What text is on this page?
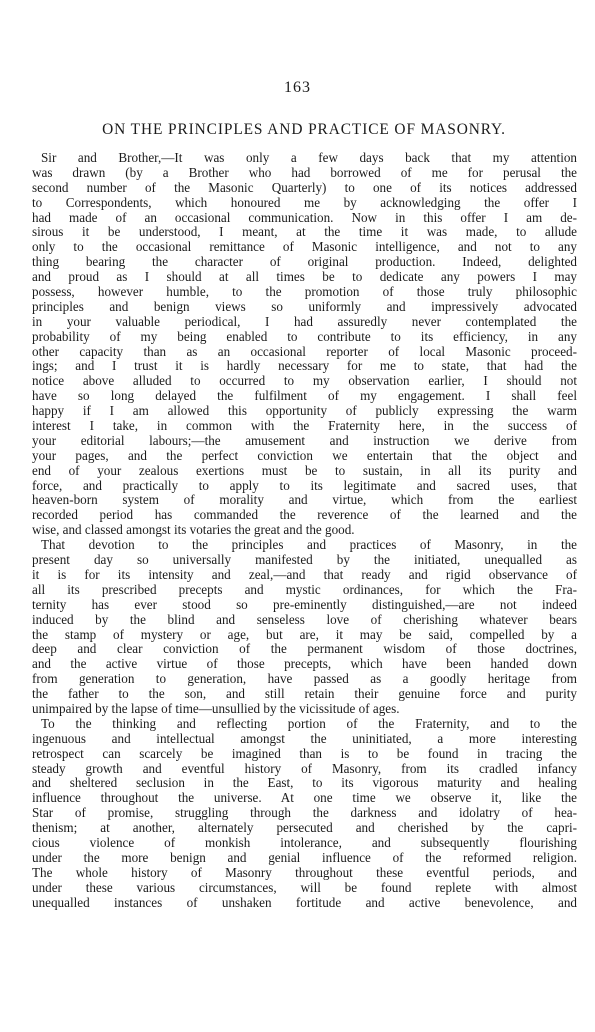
163
ON THE PRINCIPLES AND PRACTICE OF MASONRY.
Sir and Brother,—It was only a few days back that my attention
was drawn (by a Brother who had borrowed of me for perusal the
second number of the Masonic Quarterly) to one of its notices addressed
to Correspondents, which honoured me by acknowledging the offer I
had made of an occasional communication. Now in this offer I am de-
sirous it be understood, I meant, at the time it was made, to allude
only to the occasional remittance of Masonic intelligence, and not to any
thing bearing the character of original production. Indeed, delighted
and proud as I should at all times be to dedicate any powers I may
possess, however humble, to the promotion of those truly philosophic
principles and benign views so uniformly and impressively advocated
in your valuable periodical, I had assuredly never contemplated the
probability of my being enabled to contribute to its efficiency, in any
other capacity than as an occasional reporter of local Masonic proceed-
ings; and I trust it is hardly necessary for me to state, that had the
notice above alluded to occurred to my observation earlier, I should not
have so long delayed the fulfilment of my engagement. I shall feel
happy if I am allowed this opportunity of publicly expressing the warm
interest I take, in common with the Fraternity here, in the success of
your editorial labours;—the amusement and instruction we derive from
your pages, and the perfect conviction we entertain that the object and
end of your zealous exertions must be to sustain, in all its purity and
force, and practically to apply to its legitimate and sacred uses, that
heaven-born system of morality and virtue, which from the earliest
recorded period has commanded the reverence of the learned and the
wise, and classed amongst its votaries the great and the good.
That devotion to the principles and practices of Masonry, in the
present day so universally manifested by the initiated, unequalled as
it is for its intensity and zeal,—and that ready and rigid observance of
all its prescribed precepts and mystic ordinances, for which the Fra-
ternity has ever stood so pre-eminently distinguished,—are not indeed
induced by the blind and senseless love of cherishing whatever bears
the stamp of mystery or age, but are, it may be said, compelled by a
deep and clear conviction of the permanent wisdom of those doctrines,
and the active virtue of those precepts, which have been handed down
from generation to generation, have passed as a goodly heritage from
the father to the son, and still retain their genuine force and purity
unimpaired by the lapse of time—unsullied by the vicissitude of ages.
To the thinking and reflecting portion of the Fraternity, and to the
ingenuous and intellectual amongst the uninitiated, a more interesting
retrospect can scarcely be imagined than is to be found in tracing the
steady growth and eventful history of Masonry, from its cradled infancy
and sheltered seclusion in the East, to its vigorous maturity and healing
influence throughout the universe. At one time we observe it, like the
Star of promise, struggling through the darkness and idolatry of hea-
thenism; at another, alternately persecuted and cherished by the capri-
cious violence of monkish intolerance, and subsequently flourishing
under the more benign and genial influence of the reformed religion.
The whole history of Masonry throughout these eventful periods, and
under these various circumstances, will be found replete with almost
unequalled instances of unshaken fortitude and active benevolence, and
